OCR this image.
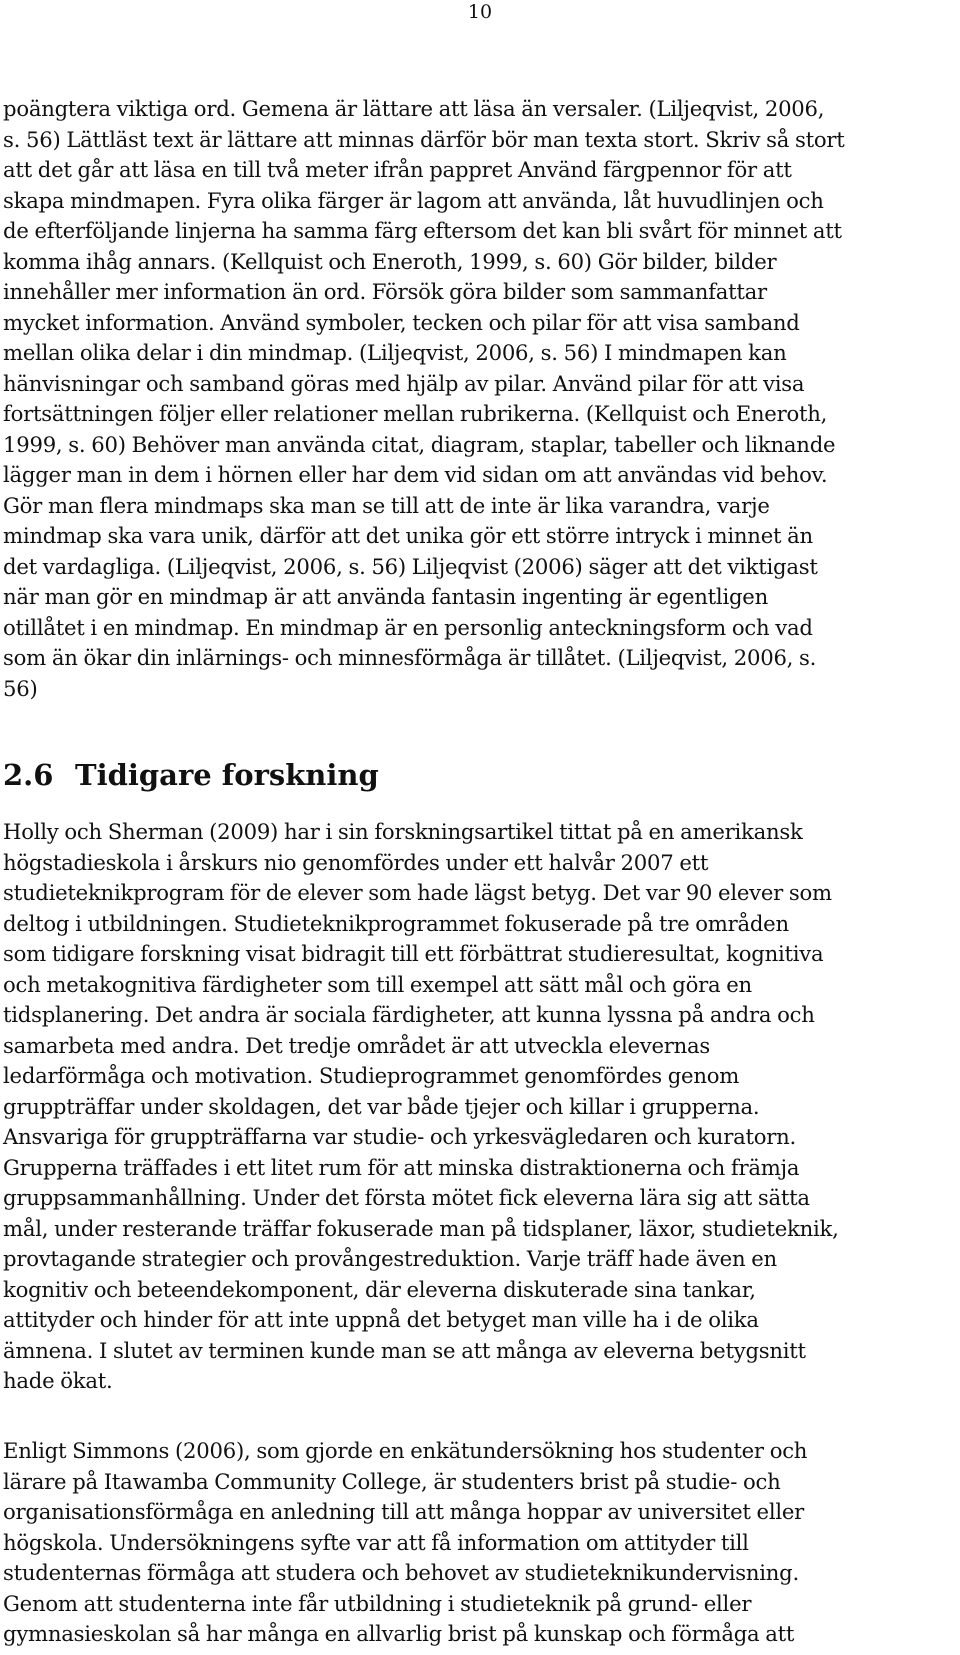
10

poängtera viktiga ord. Gemena är lättare att läsa än versaler. (Liljeqvist, 2006,
s. 56) Lättläst text är lättare att minnas därför bör man texta stort. Skriv så stort
att det går att läsa en till två meter ifrån pappret Använd färgpennor för att
skapa mindmapen. Fyra olika färger är lagom att använda, låt huvudlinjen och
de efterföljande linjerna ha samma färg eftersom det kan bli svårt för minnet att
komma ihåg annars. (Kellquist och Eneroth, 1999, s. 60) Gör bilder, bilder
innehåller mer information än ord. Försök göra bilder som sammanfattar
mycket information. Använd symboler, tecken och pilar för att visa samband
mellan olika delar i din mindmap. (Liljeqvist, 2006, s. 56) I mindmapen kan
hänvisningar och samband göras med hjälp av pilar. Använd pilar för att visa
fortsättningen följer eller relationer mellan rubrikerna. (Kellquist och Eneroth,
1999, s. 60) Behöver man använda citat, diagram, staplar, tabeller och liknande
lägger man in dem i hörnen eller har dem vid sidan om att användas vid behov.
Gör man flera mindmaps ska man se till att de inte är lika varandra, varje
mindmap ska vara unik, därför att det unika gör ett större intryck i minnet än
det vardagliga. (Liljeqvist, 2006, s. 56) Liljeqvist (2006) säger att det viktigast
när man gör en mindmap är att använda fantasin ingenting är egentligen
otillåtet i en mindmap. En mindmap är en personlig anteckningsform och vad
som än ökar din inlärnings- och minnesförmåga är tillåtet. (Liljeqvist, 2006, s.
56)

2.6 Tidigare forskning

Holly och Sherman (2009) har i sin forskningsartikel tittat på en amerikansk
högstadieskola i årskurs nio genomfördes under ett halvår 2007 ett
studieteknikprogram för de elever som hade lägst betyg. Det var 90 elever som
deltog i utbildningen. Studieteknikprogrammet fokuserade på tre områden
som tidigare forskning visat bidragit till ett förbättrat studieresultat, kognitiva
och metakognitiva färdigheter som till exempel att sätt mål och göra en
tidsplanering. Det andra är sociala färdigheter, att kunna lyssna på andra och
samarbeta med andra. Det tredje området är att utveckla elevernas
ledarförmåga och motivation. Studieprogrammet genomfördes genom
gruppträffar under skoldagen, det var både tjejer och killar i grupperna.
Ansvariga för gruppträffarna var studie- och yrkesvägledaren och kuratorn.
Grupperna träffades i ett litet rum för att minska distraktionerna och främja
gruppsammanhållning. Under det första mötet fick eleverna lära sig att sätta
mål, under resterande träffar fokuserade man på tidsplaner, läxor, studieteknik,
provtagande strategier och provångestreduktion. Varje träff hade även en
kognitiv och beteendekomponent, där eleverna diskuterade sina tankar,
attityder och hinder för att inte uppnå det betyget man ville ha i de olika
ämnena. I slutet av terminen kunde man se att många av eleverna betygsnitt
hade ökat.

Enligt Simmons (2006), som gjorde en enkätundersökning hos studenter och
lärare på Itawamba Community College, är studenters brist på studie- och
organisationsförmåga en anledning till att många hoppar av universitet eller
högskola. Undersökningens syfte var att få information om attityder till
studenternas förmåga att studera och behovet av studieteknikundervisning.
Genom att studenterna inte får utbildning i studieteknik på grund- eller
gymnasieskolan så har många en allvarlig brist på kunskap och förmåga att
